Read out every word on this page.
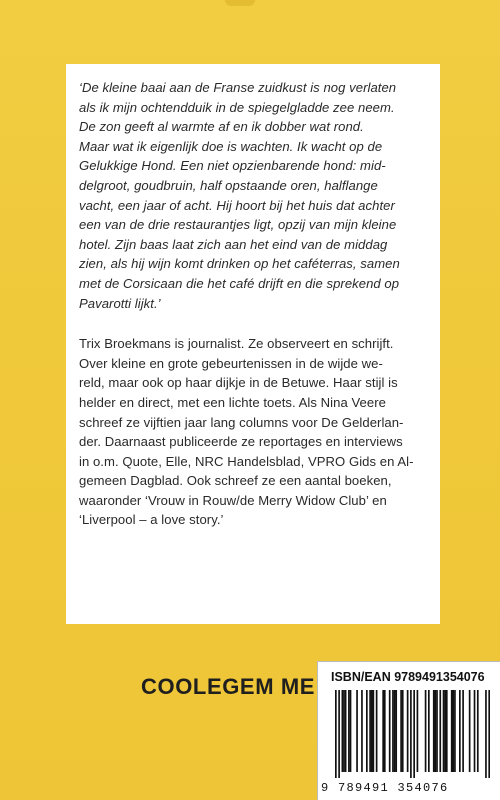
‘De kleine baai aan de Franse zuidkust is nog verlaten
als ik mijn ochtendduik in de spiegelgladde zee neem.
De zon geeft al warmte af en ik dobber wat rond.
Maar wat ik eigenlijk doe is wachten. Ik wacht op de
Gelukkige Hond. Een niet opzienbarende hond: mid-
delgroot, goudbruin, half opstaande oren, halflange
vacht, een jaar of acht. Hij hoort bij het huis dat achter
een van de drie restaurantjes ligt, opzij van mijn kleine
hotel. Zijn baas laat zich aan het eind van de middag
zien, als hij wijn komt drinken op het caféterras, samen
met de Corsicaan die het café drijft en die sprekend op
Pavarotti lijkt.’

Trix Broekmans is journalist. Ze observeert en schrijft.
Over kleine en grote gebeurtenissen in de wijde we-
reld, maar ook op haar dijkje in de Betuwe. Haar stijl is
helder en direct, met een lichte toets. Als Nina Veere
schreef ze vijftien jaar lang columns voor De Gelderlan-
der. Daarnaast publiceerde ze reportages en interviews
in o.m. Quote, Elle, NRC Handelsblad, VPRO Gids en Al-
gemeen Dagblad. Ook schreef ze een aantal boeken,
waaronder ‘Vrouw in Rouw/de Merry Widow Club’ en
‘Liverpool – a love story.’

COOLEGEM ME ISBN/EAN 9789491354076
9 789491 354076
